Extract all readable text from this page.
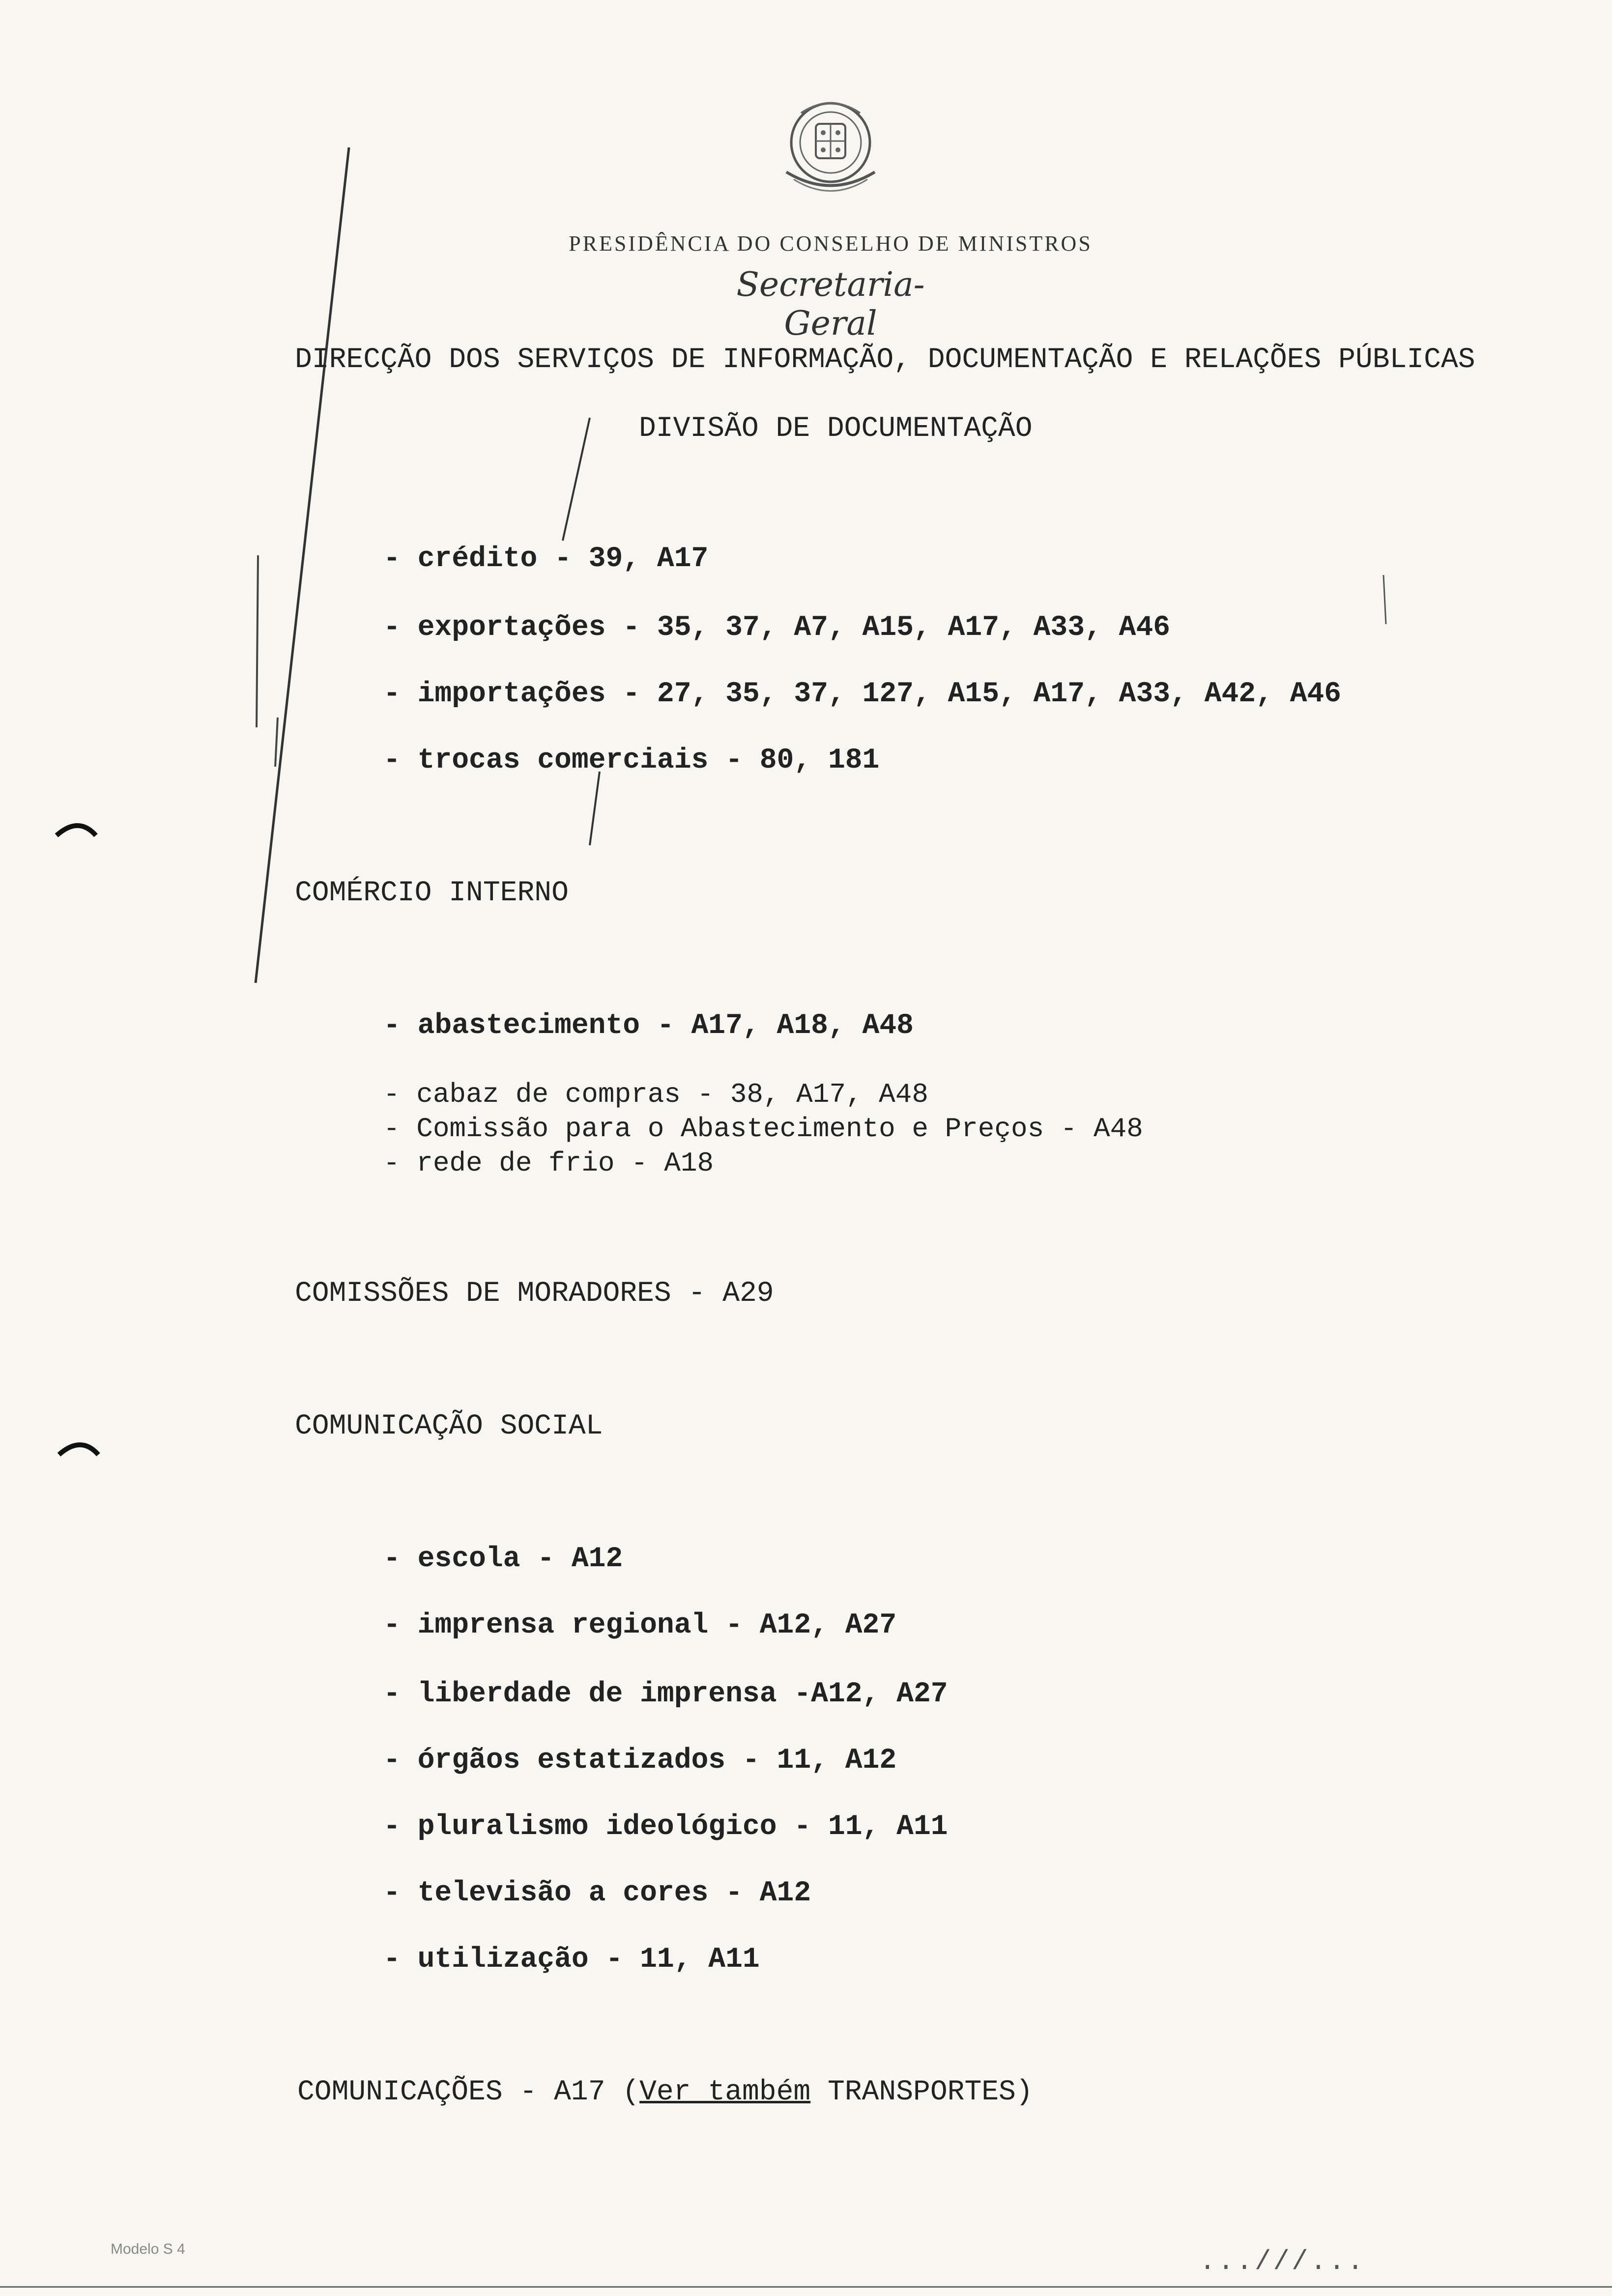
PRESIDÊNCIA DO CONSELHO DE MINISTROS
Secretaria-Geral
DIRECÇÃO DOS SERVIÇOS DE INFORMAÇÃO, DOCUMENTAÇÃO E RELAÇÕES PÚBLICAS
DIVISÃO DE DOCUMENTAÇÃO
- crédito - 39, A17
- exportações - 35, 37, A7, A15, A17, A33, A46
- importações - 27, 35, 37, 127, A15, A17, A33, A42, A46
- trocas comerciais - 80, 181
COMÉRCIO INTERNO
- abastecimento - A17, A18, A48
- cabaz de compras - 38, A17, A48
- Comissão para o Abastecimento e Preços - A48
- rede de frio - A18
COMISSÕES DE MORADORES - A29
COMUNICAÇÃO SOCIAL
- escola - A12
- imprensa regional - A12, A27
- liberdade de imprensa -A12, A27
- órgãos estatizados - 11, A12
- pluralismo ideológico - 11, A11
- televisão a cores - A12
- utilização - 11, A11
COMUNICAÇÕES - A17 (Ver também TRANSPORTES)
Modelo S 4	...///...
